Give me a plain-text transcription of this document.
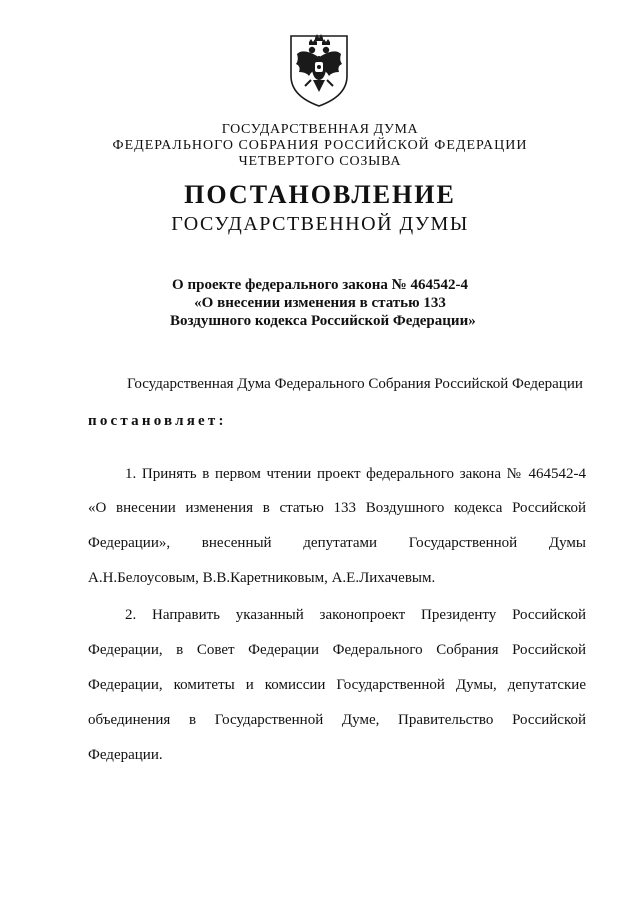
ГОСУДАРСТВЕННАЯ ДУМА
ФЕДЕРАЛЬНОГО СОБРАНИЯ РОССИЙСКОЙ ФЕДЕРАЦИИ
ЧЕТВЕРТОГО СОЗЫВА
ПОСТАНОВЛЕНИЕ
ГОСУДАРСТВЕННОЙ ДУМЫ
О проекте федерального закона № 464542-4
«О внесении изменения в статью 133
Воздушного кодекса Российской Федерации»
Государственная Дума Федерального Собрания Российской Федерации
постановляет:
1. Принять в первом чтении проект федерального закона № 464542-4
«О внесении изменения в статью 133 Воздушного кодекса Российской
Федерации», внесенный депутатами Государственной Думы
А.Н.Белоусовым, В.В.Каретниковым, А.Е.Лихачевым.
2. Направить указанный законопроект Президенту Российской
Федерации, в Совет Федерации Федерального Собрания Российской
Федерации, комитеты и комиссии Государственной Думы, депутатские
объединения в Государственной Думе, Правительство Российской
Федерации.
